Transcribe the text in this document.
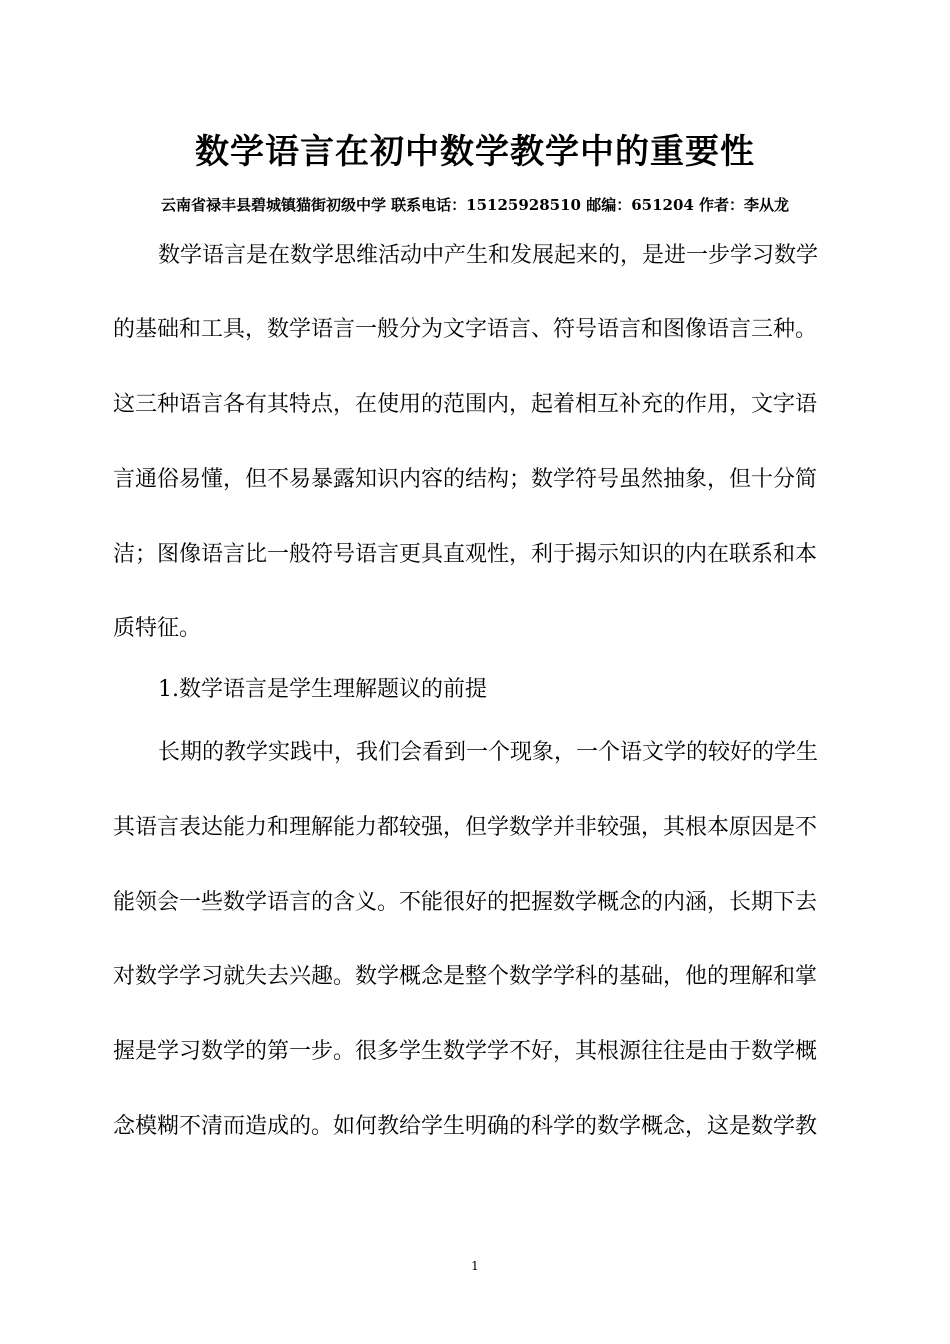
数学语言在初中数学教学中的重要性

云南省禄丰县碧城镇猫街初级中学 联系电话：15125928510 邮编：651204 作者：李从龙

数学语言是在数学思维活动中产生和发展起来的，是进一步学习数学

的基础和工具，数学语言一般分为文字语言、符号语言和图像语言三种。

这三种语言各有其特点，在使用的范围内，起着相互补充的作用，文字语

言通俗易懂，但不易暴露知识内容的结构；数学符号虽然抽象，但十分简

洁；图像语言比一般符号语言更具直观性，利于揭示知识的内在联系和本

质特征。

1.数学语言是学生理解题议的前提

长期的教学实践中，我们会看到一个现象，一个语文学的较好的学生

其语言表达能力和理解能力都较强，但学数学并非较强，其根本原因是不

能领会一些数学语言的含义。不能很好的把握数学概念的内涵，长期下去

对数学学习就失去兴趣。数学概念是整个数学学科的基础，他的理解和掌

握是学习数学的第一步。很多学生数学学不好，其根源往往是由于数学概

念模糊不清而造成的。如何教给学生明确的科学的数学概念，这是数学教

1
